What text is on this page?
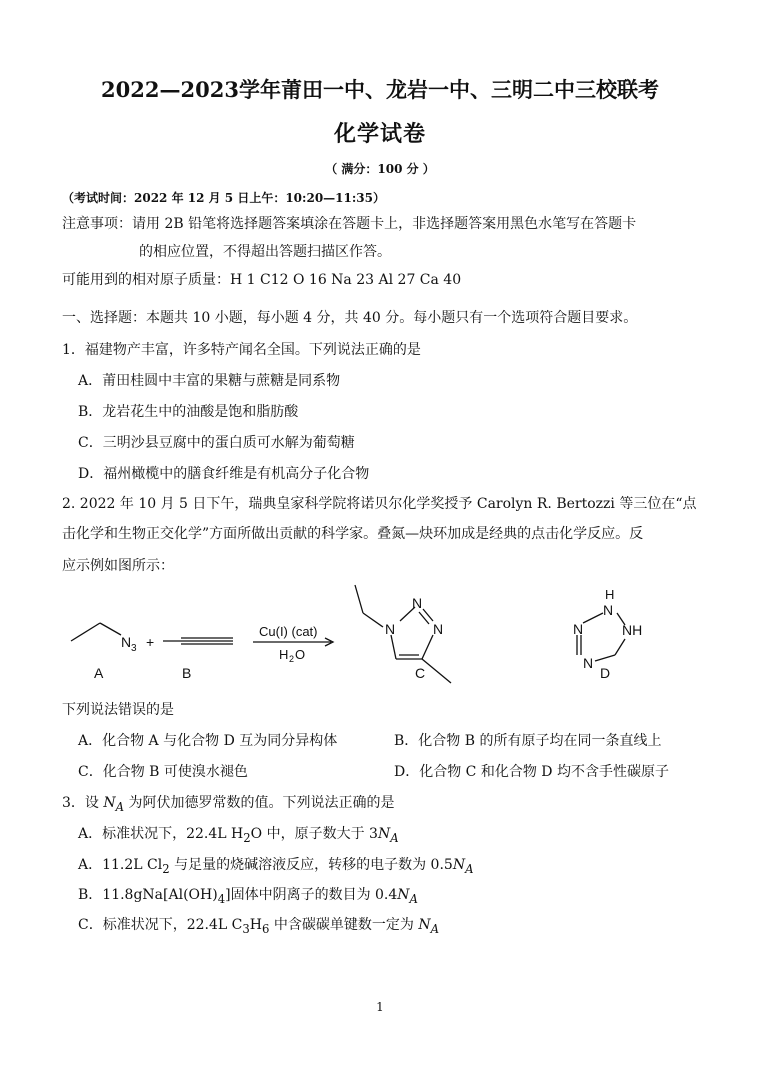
2022—2023学年莆田一中、龙岩一中、三明二中三校联考
化学试卷
（ 满分：100 分 ）
（考试时间：2022 年 12 月 5 日上午：10:20—11:35）
注意事项：请用 2B 铅笔将选择题答案填涂在答题卡上，非选择题答案用黑色水笔写在答题卡
的相应位置，不得超出答题扫描区作答。
可能用到的相对原子质量：H 1 C12 O 16 Na 23 Al 27 Ca 40
一、选择题：本题共 10 小题，每小题 4 分，共 40 分。每小题只有一个选项符合题目要求。
1．福建物产丰富，许多特产闻名全国。下列说法正确的是
A．莆田桂圆中丰富的果糖与蔗糖是同系物
B．龙岩花生中的油酸是饱和脂肪酸
C．三明沙县豆腐中的蛋白质可水解为葡萄糖
D．福州橄榄中的膳食纤维是有机高分子化合物
2. 2022 年 10 月 5 日下午，瑞典皇家科学院将诺贝尔化学奖授予 Carolyn R. Bertozzi 等三位在“点
击化学和生物正交化学”方面所做出贡献的科学家。叠氮—炔环加成是经典的点击化学反应。反
应示例如图所示：
N 3 +
Cu(I) (cat)
H 2 O
N
N
N
H
N
NH
N
N
A	B	C	D
下列说法错误的是
A．化合物 A 与化合物 D 互为同分异构体	B．化合物 B 的所有原子均在同一条直线上
C．化合物 B 可使溴水褪色	D．化合物 C 和化合物 D 均不含手性碳原子
3．设 $N_A$ 为阿伏加德罗常数的值。下列说法正确的是
A．标准状况下，22.4L $H_2O$ 中，原子数大于 $3N_A$
A．11.2L $Cl_2$ 与足量的烧碱溶液反应，转移的电子数为 $0.5N_A$
B．$11.8gNa[Al(OH)_4]$固体中阴离子的数目为 $0.4N_A$
C．标准状况下，22.4L $C_3H_6$ 中含碳碳单键数一定为 $N_A$
1
